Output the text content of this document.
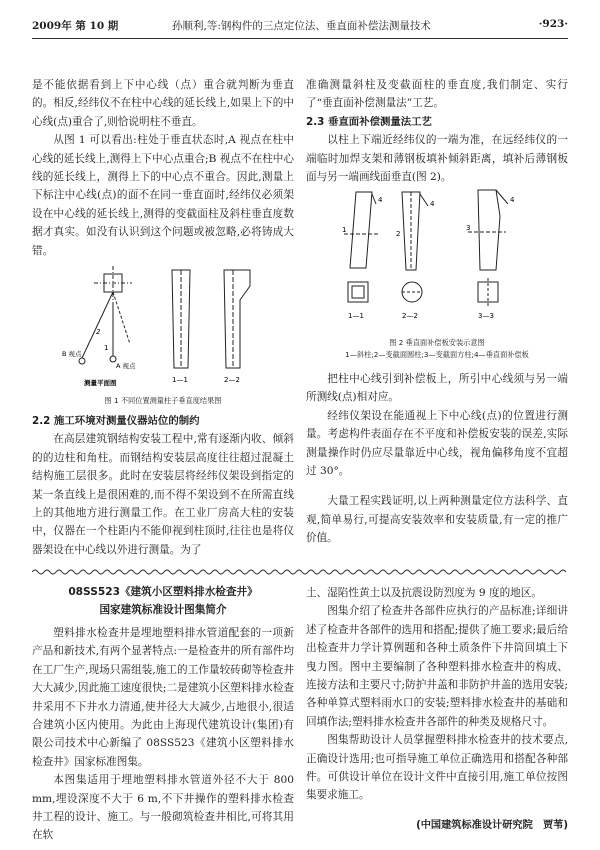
2009年 第 10 期	孙顺利,等:钢构件的三点定位法、垂直面补偿法测量技术	·923·

是不能依据看到上下中心线（点）重合就判断为垂直的。相反,经纬仪不在柱中心线的延长线上,如果上下的中心线(点)重合了,则恰说明柱不垂直。

从图 1 可以看出:柱处于垂直状态时,A 视点在柱中心线的延长线上,测得上下中心点重合;B 视点不在柱中心线的延长线上，测得上下的中心点不重合。因此,测量上下标注中心线(点)的面不在同一垂直面时,经纬仪必须架设在中心线的延长线上,测得的变截面柱及斜柱垂直度数据才真实。如没有认识到这个问题或被忽略,必将铸成大错。

2
1
B 视点
A 视点
测量平面图	1—1	2—2
图 1 不同位置测量柱子垂直度结果图

2.2 施工环境对测量仪器站位的制约

在高层建筑钢结构安装工程中,常有逐渐内收、倾斜的的边柱和角柱。而钢结构安装层高度往往超过混凝土结构施工层很多。此时在安装层将经纬仪架设到指定的某一条直线上是很困难的,而不得不架设到不在所需直线上的其他地方进行测量工作。在工业厂房高大柱的安装中，仪器在一个柱距内不能仰视到柱顶时,往往也是将仪器架设在中心线以外进行测量。为了

准确测量斜柱及变截面柱的垂直度,我们制定、实行了“垂直面补偿测量法”工艺。

2.3 垂直面补偿测量法工艺

以柱上下端近经纬仪的一端为准，在远经纬仪的一端临时加焊支架和薄钢板填补倾斜距离，填补后薄钢板面与另一端画线面垂直(图 2)。

1
4
2
4
3
4
1—1	2—2	3—3
图 2 垂直面补偿板安装示意图
1—斜柱;2—变截面圆柱;3—变截面方柱;4—垂直面补偿板

把柱中心线引到补偿板上，所引中心线须与另一端所测线(点)相对应。

经纬仪架设在能通视上下中心线(点)的位置进行测量。考虑构件表面存在不平度和补偿板安装的误差,实际测量操作时仍应尽量靠近中心线，视角偏移角度不宜超过 30°。

大量工程实践证明,以上两种测量定位方法科学、直观,简单易行,可提高安装效率和安装质量,有一定的推广价值。

08SS523《建筑小区塑料排水检查井》
国家建筑标准设计图集简介

塑料排水检查井是埋地塑料排水管道配套的一项新产品和新技术,有两个显著特点:一是检查井的所有部件均在工厂生产,现场只需组装,施工的工作量较砖砌等检查井大大减少,因此施工速度很快;二是建筑小区塑料排水检查井采用不下井水力清通,使井径大大减少,占地很小,很适合建筑小区内使用。为此由上海现代建筑设计(集团)有限公司技术中心新编了 08SS523《建筑小区塑料排水检查井》国家标准图集。

本图集适用于埋地塑料排水管道外径不大于 800 mm,埋设深度不大于 6 m,不下井操作的塑料排水检查井工程的设计、施工。与一般砌筑检查井相比,可将其用在软

土、湿陷性黄土以及抗震设防烈度为 9 度的地区。

图集介绍了检查井各部件应执行的产品标准;详细讲述了检查井各部件的选用和搭配;提供了施工要求;最后给出检查井力学计算例题和各种土质条件下井筒回填土下曳力图。图中主要编制了各种塑料排水检查井的构成、连接方法和主要尺寸;防护井盖和非防护井盖的选用安装;各种单算式塑料雨水口的安装;塑料排水检查井的基础和回填作法;塑料排水检查井各部件的种类及规格尺寸。

图集帮助设计人员掌握塑料排水检查井的技术要点,正确设计选用;也可指导施工单位正确选用和搭配各种部件。可供设计单位在设计文件中直接引用,施工单位按图集要求施工。

(中国建筑标准设计研究院　贾苇)
